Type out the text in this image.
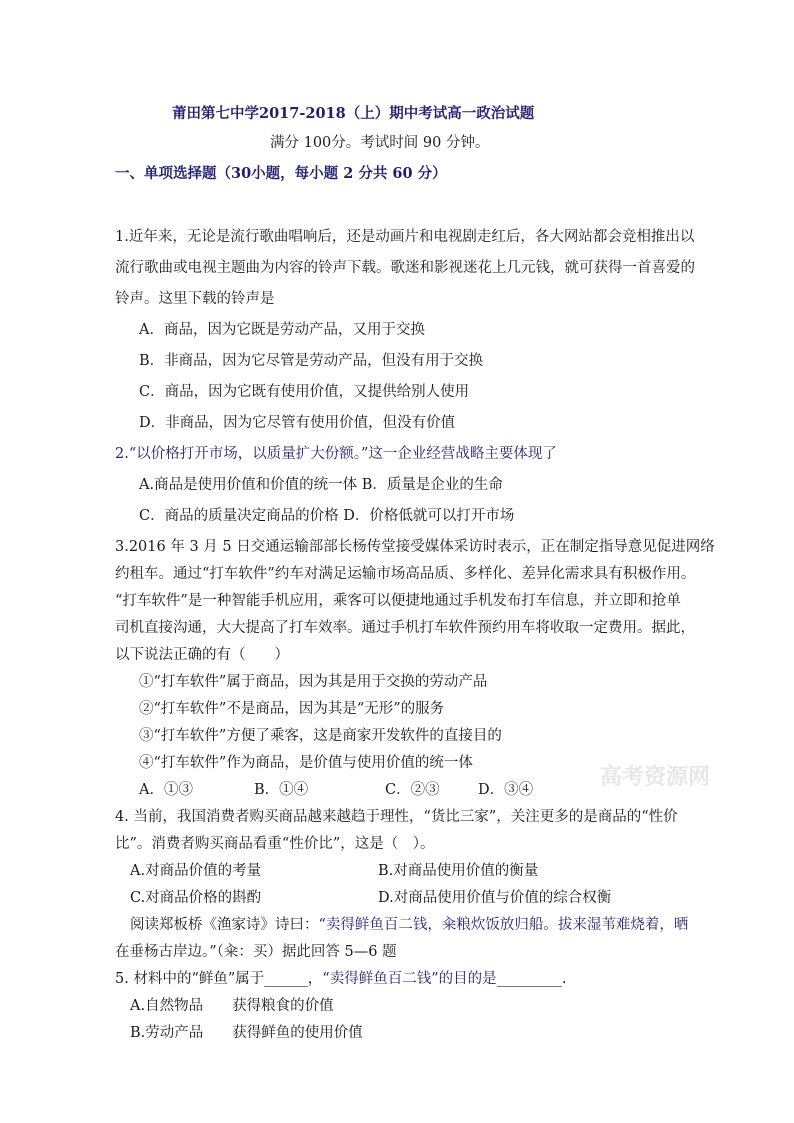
莆田第七中学2017-2018（上）期中考试高一政治试题
满分 100分。考试时间 90 分钟。
一、单项选择题（30小题，每小题 2 分共 60 分）
1.近年来，无论是流行歌曲唱响后，还是动画片和电视剧走红后，各大网站都会竞相推出以
流行歌曲或电视主题曲为内容的铃声下载。歌迷和影视迷花上几元钱，就可获得一首喜爱的
铃声。这里下载的铃声是
A．商品，因为它既是劳动产品，又用于交换
B．非商品，因为它尽管是劳动产品，但没有用于交换
C．商品，因为它既有使用价值，又提供给别人使用
D．非商品，因为它尽管有使用价值，但没有价值
2.“以价格打开市场，以质量扩大份额。”这一企业经营战略主要体现了
A.商品是使用价值和价值的统一体 B．质量是企业的生命
C．商品的质量决定商品的价格 D．价格低就可以打开市场
3.2016 年 3 月 5 日交通运输部部长杨传堂接受媒体采访时表示，正在制定指导意见促进网络
约租车。通过“打车软件”约车对满足运输市场高品质、多样化、差异化需求具有积极作用。
“打车软件”是一种智能手机应用，乘客可以便捷地通过手机发布打车信息，并立即和抢单
司机直接沟通，大大提高了打车效率。通过手机打车软件预约用车将收取一定费用。据此，
以下说法正确的有（　　）
①“打车软件”属于商品，因为其是用于交换的劳动产品
②“打车软件”不是商品，因为其是“无形”的服务
③“打车软件”方便了乘客，这是商家开发软件的直接目的
④“打车软件”作为商品，是价值与使用价值的统一体
A．①③	B．①④	C．②③	D．③④
4. 当前，我国消费者购买商品越来越趋于理性，“货比三家”，关注更多的是商品的“性价
比”。消费者购买商品看重“性价比”，这是（　）。
A.对商品价值的考量	B.对商品使用价值的衡量
C.对商品价格的斟酌	D.对商品使用价值与价值的综合权衡
阅读郑板桥《渔家诗》诗曰：“卖得鲜鱼百二钱，籴粮炊饭放归船。拔来湿苇难烧着，晒
在垂杨古岸边。”（籴：买）据此回答 5—6 题
5. 材料中的“鲜鱼”属于______，“卖得鲜鱼百二钱”的目的是_________.
A.自然物品　　获得粮食的价值
B.劳动产品　　获得鲜鱼的使用价值
高考资源网
